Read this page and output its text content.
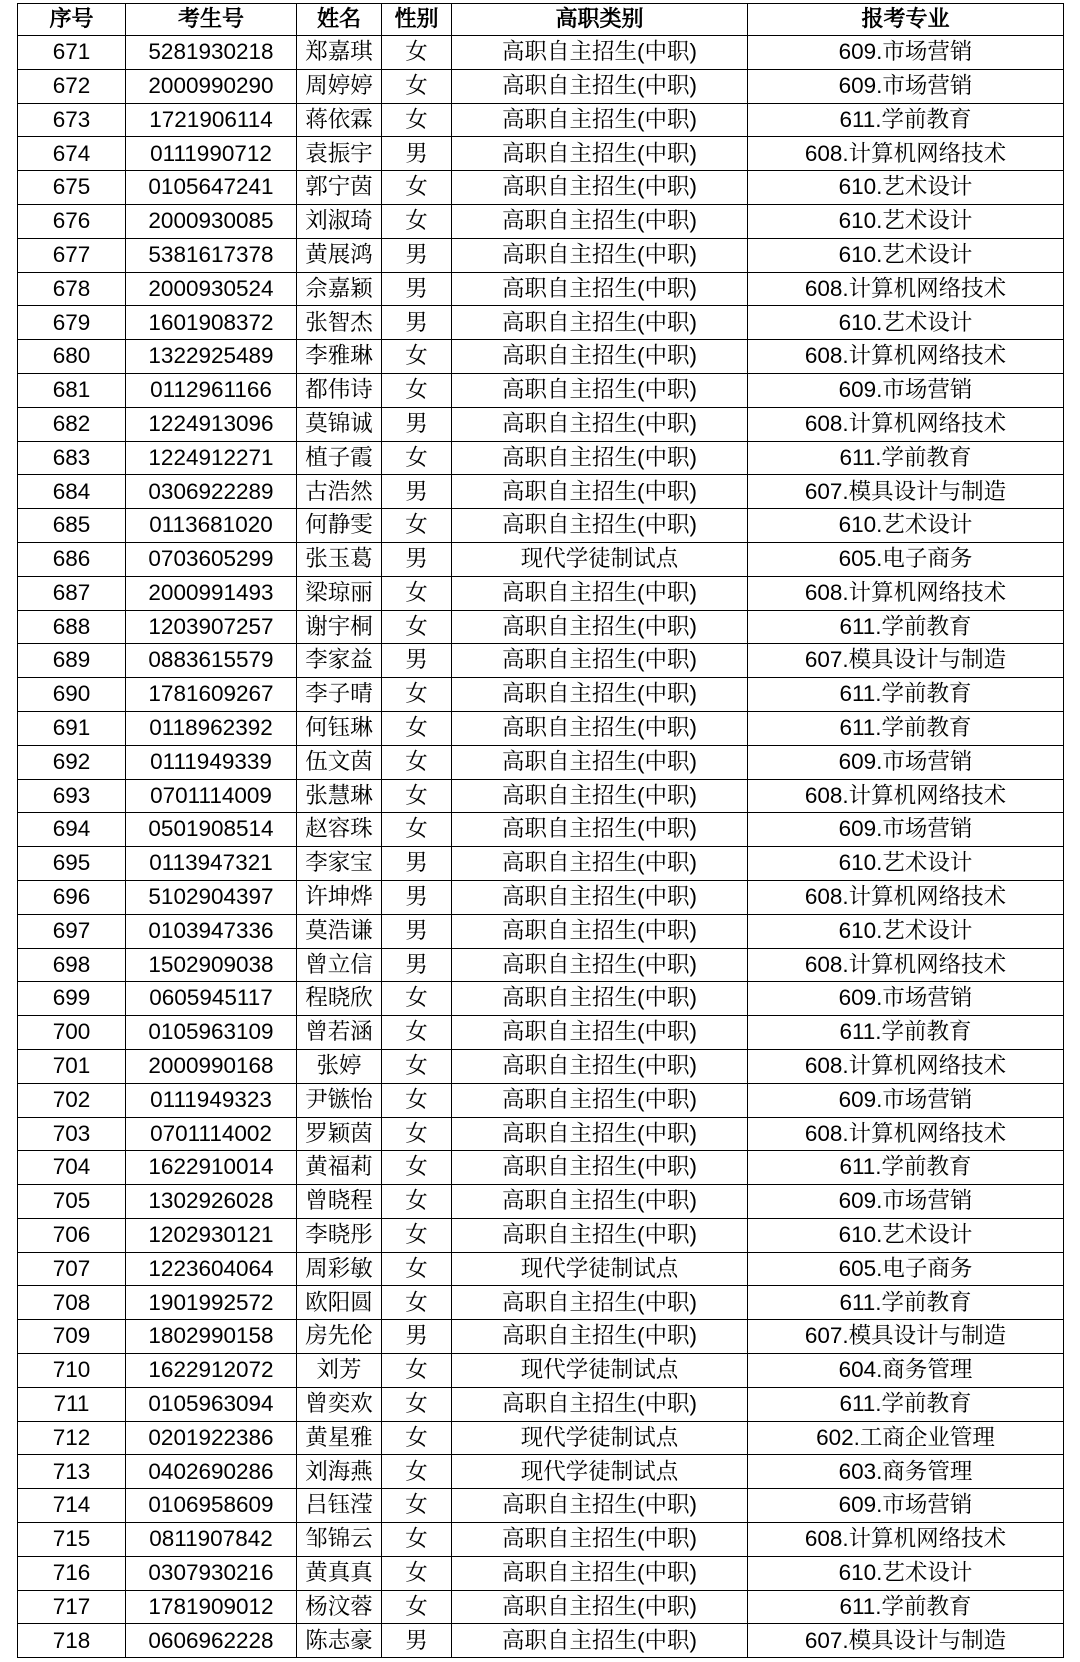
序号	考生号	姓名	性别	高职类别	报考专业
671	5281930218	郑嘉琪	女	高职自主招生(中职)	609.市场营销
672	2000990290	周婷婷	女	高职自主招生(中职)	609.市场营销
673	1721906114	蒋依霖	女	高职自主招生(中职)	611.学前教育
674	0111990712	袁振宇	男	高职自主招生(中职)	608.计算机网络技术
675	0105647241	郭宁茵	女	高职自主招生(中职)	610.艺术设计
676	2000930085	刘淑琦	女	高职自主招生(中职)	610.艺术设计
677	5381617378	黄展鸿	男	高职自主招生(中职)	610.艺术设计
678	2000930524	佘嘉颖	男	高职自主招生(中职)	608.计算机网络技术
679	1601908372	张智杰	男	高职自主招生(中职)	610.艺术设计
680	1322925489	李雅琳	女	高职自主招生(中职)	608.计算机网络技术
681	0112961166	都伟诗	女	高职自主招生(中职)	609.市场营销
682	1224913096	莫锦诚	男	高职自主招生(中职)	608.计算机网络技术
683	1224912271	植子霞	女	高职自主招生(中职)	611.学前教育
684	0306922289	古浩然	男	高职自主招生(中职)	607.模具设计与制造
685	0113681020	何静雯	女	高职自主招生(中职)	610.艺术设计
686	0703605299	张玉葛	男	现代学徒制试点	605.电子商务
687	2000991493	梁琼丽	女	高职自主招生(中职)	608.计算机网络技术
688	1203907257	谢宇桐	女	高职自主招生(中职)	611.学前教育
689	0883615579	李家益	男	高职自主招生(中职)	607.模具设计与制造
690	1781609267	李子晴	女	高职自主招生(中职)	611.学前教育
691	0118962392	何钰琳	女	高职自主招生(中职)	611.学前教育
692	0111949339	伍文茵	女	高职自主招生(中职)	609.市场营销
693	0701114009	张慧琳	女	高职自主招生(中职)	608.计算机网络技术
694	0501908514	赵容珠	女	高职自主招生(中职)	609.市场营销
695	0113947321	李家宝	男	高职自主招生(中职)	610.艺术设计
696	5102904397	许坤烨	男	高职自主招生(中职)	608.计算机网络技术
697	0103947336	莫浩谦	男	高职自主招生(中职)	610.艺术设计
698	1502909038	曾立信	男	高职自主招生(中职)	608.计算机网络技术
699	0605945117	程晓欣	女	高职自主招生(中职)	609.市场营销
700	0105963109	曾若涵	女	高职自主招生(中职)	611.学前教育
701	2000990168	张婷	女	高职自主招生(中职)	608.计算机网络技术
702	0111949323	尹镞怡	女	高职自主招生(中职)	609.市场营销
703	0701114002	罗颖茵	女	高职自主招生(中职)	608.计算机网络技术
704	1622910014	黄福莉	女	高职自主招生(中职)	611.学前教育
705	1302926028	曾晓程	女	高职自主招生(中职)	609.市场营销
706	1202930121	李晓彤	女	高职自主招生(中职)	610.艺术设计
707	1223604064	周彩敏	女	现代学徒制试点	605.电子商务
708	1901992572	欧阳圆	女	高职自主招生(中职)	611.学前教育
709	1802990158	房先伦	男	高职自主招生(中职)	607.模具设计与制造
710	1622912072	刘芳	女	现代学徒制试点	604.商务管理
711	0105963094	曾奕欢	女	高职自主招生(中职)	611.学前教育
712	0201922386	黄星雅	女	现代学徒制试点	602.工商企业管理
713	0402690286	刘海燕	女	现代学徒制试点	603.商务管理
714	0106958609	吕钰滢	女	高职自主招生(中职)	609.市场营销
715	0811907842	邹锦云	女	高职自主招生(中职)	608.计算机网络技术
716	0307930216	黄真真	女	高职自主招生(中职)	610.艺术设计
717	1781909012	杨汶蓉	女	高职自主招生(中职)	611.学前教育
718	0606962228	陈志豪	男	高职自主招生(中职)	607.模具设计与制造
